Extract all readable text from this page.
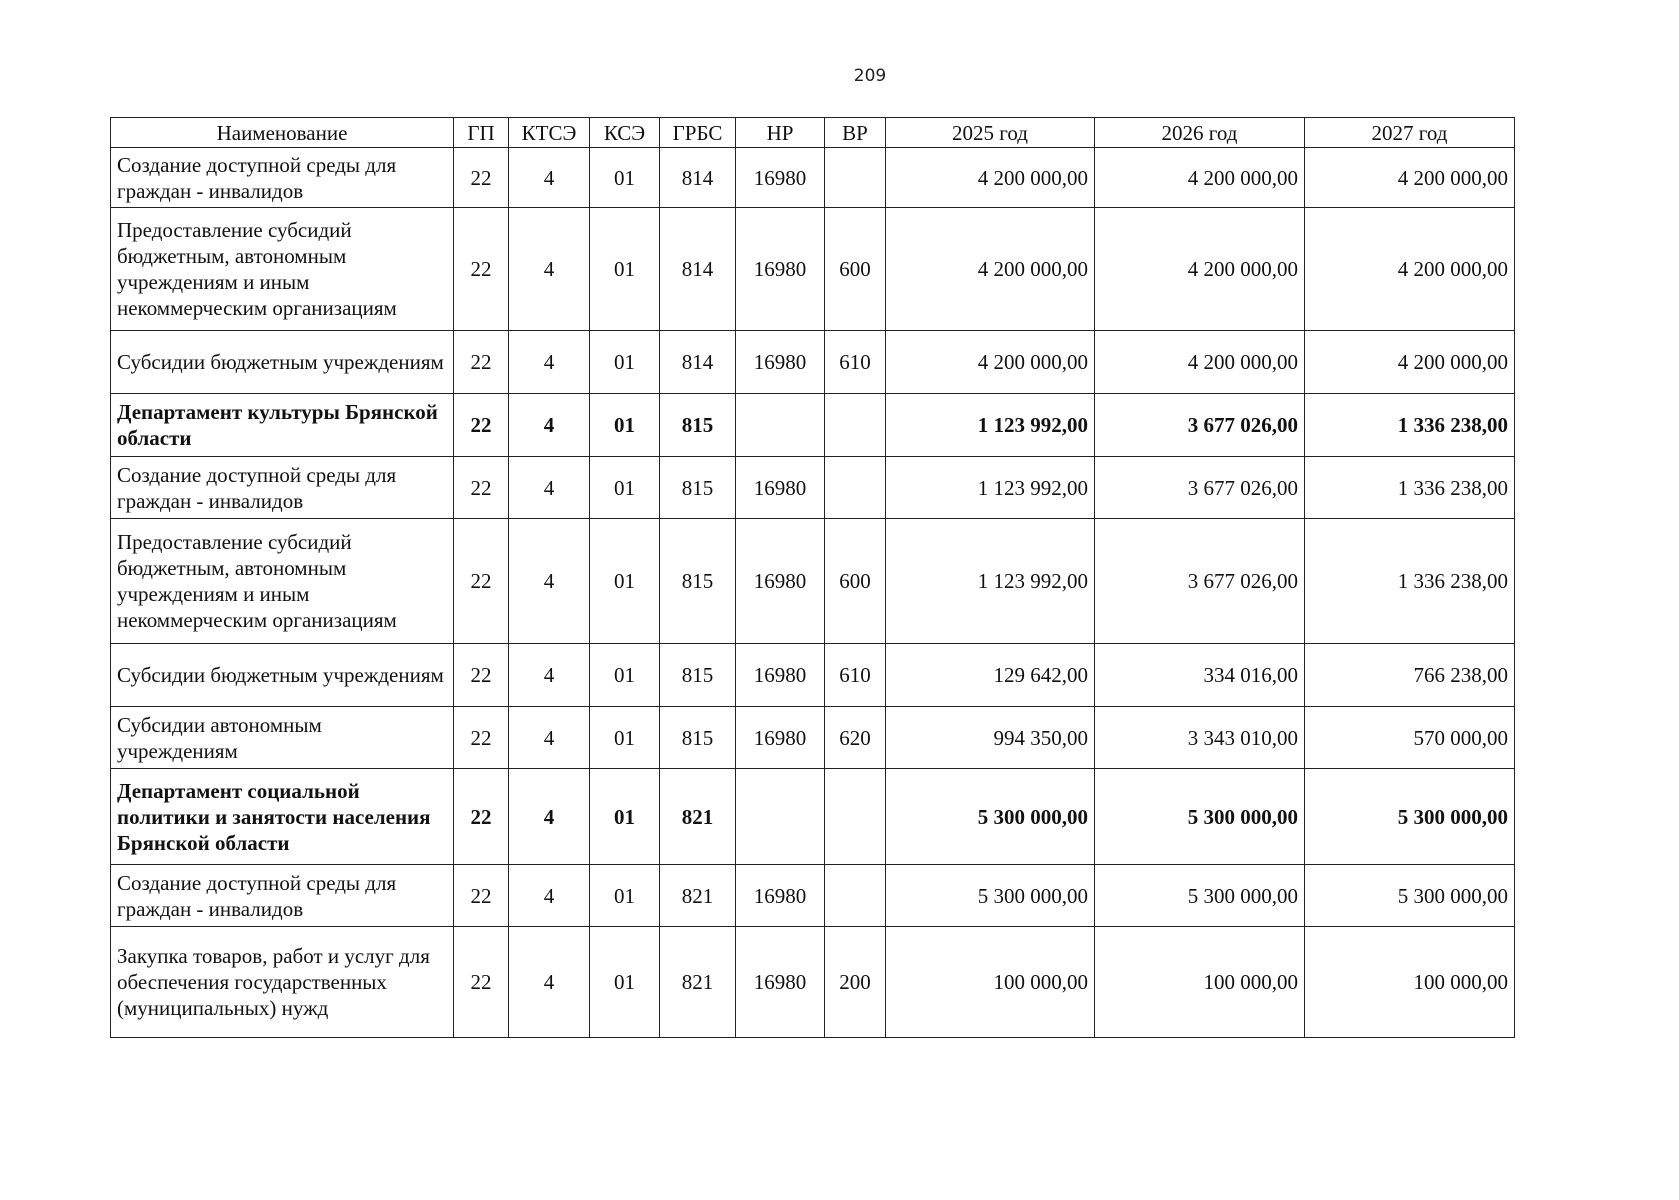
209
Наименование	ГП	КТСЭ	КСЭ	ГРБС	НР	ВР	2025 год	2026 год	2027 год
Создание доступной среды для граждан - инвалидов	22	4	01	814	16980		4 200 000,00	4 200 000,00	4 200 000,00
Предоставление субсидий бюджетным, автономным учреждениям и иным некоммерческим организациям	22	4	01	814	16980	600	4 200 000,00	4 200 000,00	4 200 000,00
Субсидии бюджетным учреждениям	22	4	01	814	16980	610	4 200 000,00	4 200 000,00	4 200 000,00
Департамент культуры Брянской области	22	4	01	815			1 123 992,00	3 677 026,00	1 336 238,00
Создание доступной среды для граждан - инвалидов	22	4	01	815	16980		1 123 992,00	3 677 026,00	1 336 238,00
Предоставление субсидий бюджетным, автономным учреждениям и иным некоммерческим организациям	22	4	01	815	16980	600	1 123 992,00	3 677 026,00	1 336 238,00
Субсидии бюджетным учреждениям	22	4	01	815	16980	610	129 642,00	334 016,00	766 238,00
Субсидии автономным учреждениям	22	4	01	815	16980	620	994 350,00	3 343 010,00	570 000,00
Департамент социальной политики и занятости населения Брянской области	22	4	01	821			5 300 000,00	5 300 000,00	5 300 000,00
Создание доступной среды для граждан - инвалидов	22	4	01	821	16980		5 300 000,00	5 300 000,00	5 300 000,00
Закупка товаров, работ и услуг для обеспечения государственных (муниципальных) нужд	22	4	01	821	16980	200	100 000,00	100 000,00	100 000,00
